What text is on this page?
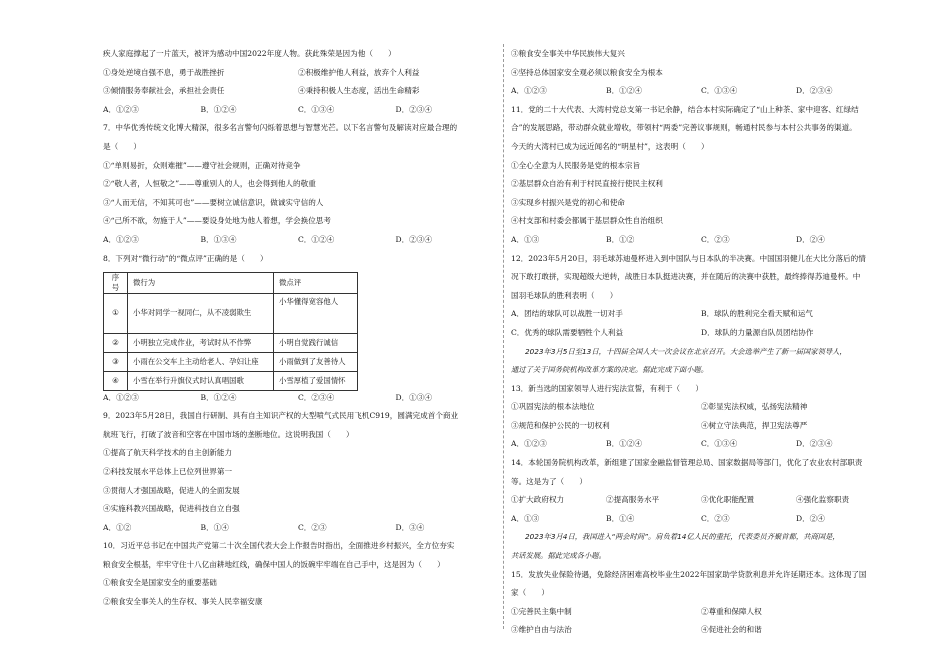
疾人家庭撑起了一片蓝天，被评为感动中国2022年度人物。获此殊荣是因为他（　　）
①身处逆境自强不息，勇于战胜挫折	②积极维护他人利益，放弃个人利益
③倾情服务奉献社会，承担社会责任	④秉持积极人生态度，活出生命精彩
A．①②③	B．①②④	C．①③④	D．②③④
7．中华优秀传统文化博大精深，很多名言警句闪烁着思想与智慧光芒。以下名言警句及解读对应最合理的
是（　　）
①“单则易折，众则难摧”——遵守社会规则，正确对待竞争
②“敬人者，人恒敬之”——尊重别人的人，也会得到他人的敬重
③“人而无信，不知其可也”——要树立诚信意识，做诚实守信的人
④“己所不欲，勿施于人”——要设身处地为他人着想，学会换位思考
A．①②③	B．①③④	C．①②④	D．②③④
8．下列对“微行动”的“微点评”正确的是（　　）
序号	微行为	微点评
①	小华对同学一视同仁，从不凌弱欺生	小华懂得宽容他人
②	小明独立完成作业，考试时从不作弊	小明自觉践行诚信
③	小雨在公交车上主动给老人、孕妇让座	小雨做到了友善待人
④	小雪在举行升旗仪式时认真唱国歌	小雪厚植了爱国情怀
A．①②③	B．①②④	C．②③④	D．①③④
9．2023年5月28日，我国自行研制、具有自主知识产权的大型喷气式民用飞机C919，圆满完成首个商业
航班飞行，打破了波音和空客在中国市场的垄断地位。这说明我国（　　）
①提高了航天科学技术的自主创新能力
②科技发展水平总体上已位列世界第一
③贯彻人才强国战略，促进人的全面发展
④实施科教兴国战略，促进科技自立自强
A．①②	B．①④	C．②③	D．③④
10．习近平总书记在中国共产党第二十次全国代表大会上作报告时指出，全面推进乡村振兴，全方位夯实
粮食安全根基，牢牢守住十八亿亩耕地红线，确保中国人的饭碗牢牢端在自己手中，这是因为（　　）
①粮食安全是国家安全的重要基础
②粮食安全事关人的生存权、事关人民幸福安康
③粮食安全事关中华民族伟大复兴
④坚持总体国家安全观必须以粮食安全为根本
A．①②③	B．①②④	C．①③④	D．②③④
11．党的二十大代表、大湾村党总支第一书记余静，结合本村实际确定了“山上种茶、家中迎客、红绿结
合”的发展思路，带动群众就业增收，带领村“两委”完善议事规则，畅通村民参与本村公共事务的渠道。
今天的大湾村已成为远近闻名的“明星村”，这表明（　　）
①全心全意为人民服务是党的根本宗旨
②基层群众自治有利于村民直接行使民主权利
③实现乡村振兴是党的初心和使命
④村支部和村委会都属于基层群众性自治组织
A．①③	B．①②	C．②③	D．②④
12．2023年5月20日，羽毛球苏迪曼杯进入到中国队与日本队的半决赛。中国国羽健儿在大比分落后的情
况下敢打敢拼，实现超级大逆转，战胜日本队挺进决赛，并在随后的决赛中获胜，最终捧得苏迪曼杯。中
国羽毛球队的胜利表明（　　）
A．团结的球队可以战胜一切对手	B．球队的胜利完全看天赋和运气
C．优秀的球队需要牺牲个人利益	D．球队的力量源自队员团结协作
2023年3月5日至13日，十四届全国人大一次会议在北京召开。大会选举产生了新一届国家领导人，
通过了关于国务院机构改革方案的决定。据此完成下面小题。
13．新当选的国家领导人进行宪法宣誓，有利于（　　）
①巩固宪法的根本法地位	②彰显宪法权威，弘扬宪法精神
③规范和保护公民的一切权利	④树立守法典范，捍卫宪法尊严
A．①②③	B．①②④	C．①③④	D．②③④
14．本轮国务院机构改革，新组建了国家金融监督管理总局、国家数据局等部门，优化了农业农村部职责
等。这是为了（　　）
①扩大政府权力	②提高服务水平	③优化职能配置	④强化监察职责
A．①③	B．①④	C．②③	D．②④
2023年3月4日，我国进入“两会时间”。肩负着14亿人民的重托，代表委员齐聚首都，共商国是，
共话发展。据此完成各小题。
15．发放失业保险待遇，免除经济困难高校毕业生2022年国家助学贷款利息并允许延期还本。这体现了国
家（　　）
①完善民主集中制	②尊重和保障人权
③维护自由与法治	④促进社会的和谐
